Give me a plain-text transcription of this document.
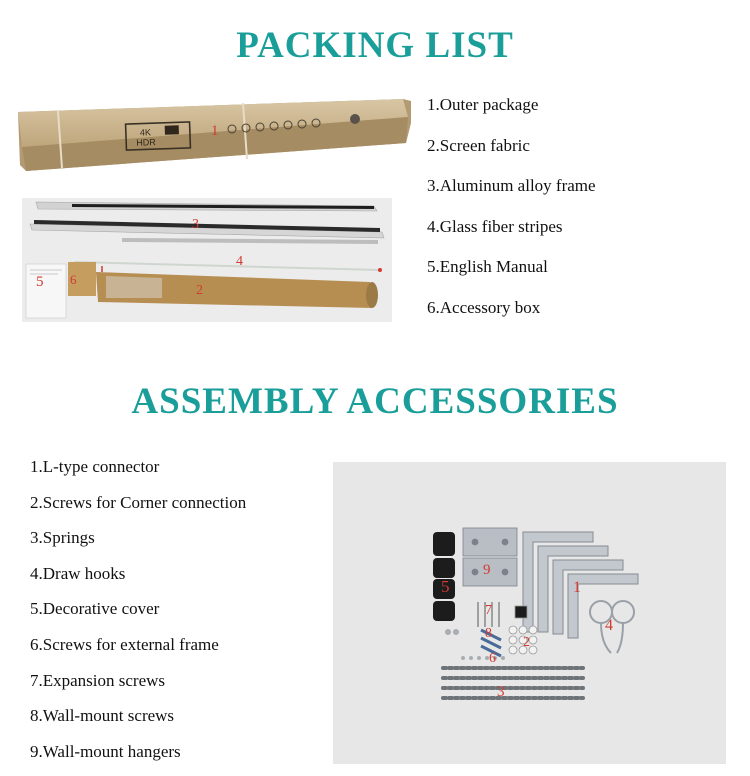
PACKING LIST
4K
HDR
1
3
4
5 6
2
1.Outer package
2.Screen fabric
3.Aluminum alloy frame
4.Glass fiber stripes
5.English Manual
6.Accessory box
ASSEMBLY ACCESSORIES
1.L-type connector
2.Screws for Corner connection
3.Springs
4.Draw hooks
5.Decorative cover
6.Screws for external frame
7.Expansion screws
8.Wall-mount screws
9.Wall-mount hangers
9
5	1
4
7
8
2
6
3
